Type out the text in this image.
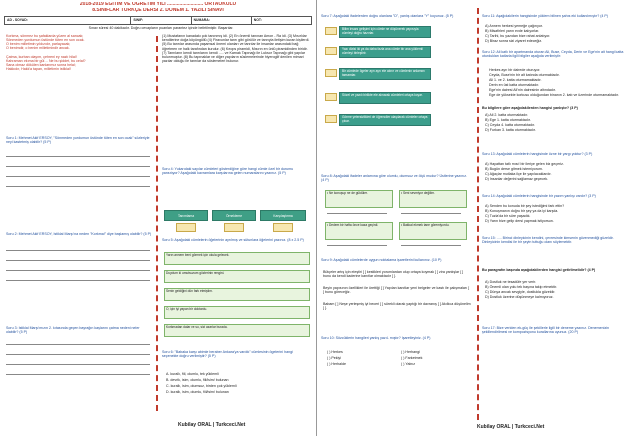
2018-2019 EĞİTİM VE ÖĞRETİM YILI .......................... ORTAOKULU
8.SINIFLAR TÜRKÇE DERSİ 2. DÖNEM 1. YAZILI SINAVI
AD - SOYAD:	SINIF:	NUMARA:	NOT:
Sınav süresi 40 dakikadır. Doğru cevapların puanları parantez içinde belirtilmiştir. Başarılar.
Korkma, sönmez bu şafaklarda yüzen al sancak;
Sönmeden yurdumun üstünde tüten en son ocak.
O benim milletimin yıldızıdır, parlayacak;
O benimdir, o benim milletimindir ancak.
Çatma, kurban olayım, çehreni ey nazlı hilal!
Kahraman ırkıma bir gül… Ne bu şiddet, bu celal?
Sana olmaz dökülen kanlarımız sonra helal;
Hakkıdır, Hakk'a tapan, milletimin istiklal!
Soru 1: Mehmet Akif ERSOY, "Sönmeden yurdumun üstünde tüten en son ocak" sözleriyle neyi kastetmiş olabilir? (5 P)
Soru 2: Mehmet Akif ERSOY, İstiklal Marşı'na neden "Korkma!" diye başlamış olabilir? (5 P)
Soru 3: İstiklal Marşı'mızın 2. kıtasında geçen bayrağın kaşlarını çatma nedeni neler olabilir? (5 P)
(1) Mustafanın kanadakı çok tanınmış idi. (2) En önemli tanınan Amon - Ra idi. (3) Mısırlılar kendilerine doğa köyüngüllü (4) Firavunlar tanrı gibi görülür ve tanrıyla iletişim kuran kişilerdi. (5) Bu tanrılar arasında yaşamsal önemi olanları ve tanrılar ile insanlar arasındaki bağ öğretmen ve halk tarafından kurulur. (6) Keops piramidi, Mısırın en ünlü piramidinden biridir. (7) Tanrıların kendi tanrılarını kendi ..... ve Karnak Tapınağı ile Luksor Tapınağı gibi yapılar bulunmuştur. (8) Bu tapınaklar ve diğer yapıların süslemelerinde hiyeroglif denilen mimari yazılar olduğu ile tanrılar da süslemeleri bulunur.
Soru 4: Yukarıdaki sayılar cümleleri gösterdiğine göre hangi cümle özel bir durumu yansıtıyor? Aşağıdaki kavramlara karşılarına gelen numaralarını yazınız. (5 P)
Tanımlama	Örnekleme	Karşılaştırma
Soru 5: Aşağıdaki cümlelerin öğelerinin ayrılmış ve sütunlara öğelerini yazınız. (8 x 2.5 P)
Yarın annem beni görmek için okula gelecek.
Duydum ki umutsuzum gözlerinin rengini.
Senin geldiğini dün fark etmiştim.
O, için iyi yapan bir doktordu.
Korkmadan dalar ve su, sizi azarlar burada.
Soru 6: "Babaka karşı abimle beraber Ankara'ya vardık" cümlesinin ögelerini hangi seçenekte doğru verilmiştir? (5 P)
A. kurallı, fiil, olumlu, tek yüklemli
B. devrik, isim, olumlu, fiil/isim/ bulunan
C. kurallı, isim, olumsuz, birden çok yüklemli
D. kurallı, isim, olumlu, fiil/isim/ bulunan
Kubilay ORAL | Turkceci.Net
Soru 7: Aşağıdaki ifadelerden doğru olanlara "D", yanlış olanlara "Y" koyunuz. (5 P)
Bilim insanı gelişimi için cümle ne düşünerek yapısıyla cümleyi doğru hazırlar.
Yazı dizisi iki ya da daha fazla ana cümle bir ana yüklemli cümleyi birleştirir.
Bir cümlede ögeler ayrı ayrı ele alınır ve cümlenin anlamını tamamlar.
Sözel ve yazılı birlikte ele alınarak cümleleri ortaya koyar.
Görme yetersizlikleri de öğrenciler ulaşılarak cümleler ortaya çıkar.
Soru 8: Aşağıdaki ifadeler anlamına göre olumlu, olumsuz ve ölçü mudur? Üstlerine yazınız. (4 P)
• Ne konuşup ne de güldüler.	• Seni sevmiyor değilim.
• Dedem bir hafta önce kaza geçirdi.	• Bakkal ekmek tane göremiyordu.
Soru 9: Aşağıdaki cümlelerde uygun noktalama işaretlerini kullanınız. (10 P)
Bütçeler artış için eleştiri [ ] kestikleri yorumlardan olup ortaya koymak [ ] zira yanlışlar [ ] bunu da kendi kaderine kanıtlar olmaktadır [ ].
Beyin yapısının özellikleri ile ürettiği [ ] Yapılan kanıtlar yeni belgeler ve kastı ile çalışmaları [ ] bunu göreceğiz.
Babam [ ] Neşe yerleşmiş iyi beceri [ ] sürekli olarak yaptığı bir davranış [ ] Akıllıca düşünelim [ ].
Soru 10: Sözcüklerin hangileri yanlış yazıl- mıştır? İşaretleyiniz. (4 P)
( ) Herkes
( ) Pekiyi
( ) Herhalde
( ) Herhangi
( ) Farketmek
( ) Yalnız
Soru 11: Aşağıdakilerin hangisinde yüklem bilinen şahıs eki kullanılmıştır? (4 P)
A) Annem herkesi yemeğe çağırıyor.
B) Misafirleri yarın evde kalıyorlar.
C) Tarihi, bu yazıdan bize rahat anlatıyor.
D) Biraz sonra sizi ziyaret edeceğiz.
Soru 12: Ali katlı bir apartmanda oturan Ali, Buse, Ceyda, Derin ve Ege'nin ait hangi katta oturdukları katlarla ilgili bilgiler aşağıda verilmiştir:
Herkes ayrı bir dairede oturuyor.
Ceyda, Buse'nin bir alt katında oturmaktadır.
Ali 1. ve 2. katta oturmamaktadır.
Derin en üst katta oturmaktadır.
Ege'nin dairesi Ali'nin dairesinin altındadır.
Ege de yüksekte korkusu olduğundan binanın 2. katı ve üzerinde oturmamaktadır.
Bu bilgilere göre aşağıdakilerden hangisi yanlıştır? (3 P)
A) Ali 2. katta oturmaktadır.
B) Ege 1. katta oturmaktadır.
C) Ceyda 4. katta oturmaktadır.
D) Furkan 3. katta oturmaktadır.
Soru 13: Aşağıdaki cümlelerin hangisinde özne bir yargı yoktur? (3 P)
A) Hayattan tatlı mısı! bir ileriye gelen biz geçeriz.
B) Bugün derse gitmek istemiyorum.
C) Ağaçlar mutlaka ilçe ile yapılacaklardır.
D) İnsanlar değerini sağlamaz geçecek.
Soru 14: Aşağıdaki cümlelerin hangisinde bir yazım yanlışı vardır? (3 P)
A) Senden bu konuda bir şey istediğimi fark ettin?
B) Konuşmanın doğru bir şey ya da iyi karşıla.
C) Tuzla'da bir süre yaşadık.
D) Yarın bize gelip dersi yapmak istiyorsun.
Soru 15: ..... Birinci dinleyicinin kendini, çevresinde kimsenin güvenmediği güzeldir. Dinleyicinin kendisi ile bir şeyin tuttuğu olanı söylemektir.
Bu paragrafın başında aşağıdakilerden hangisi getirilmelidir? (4 P)
A) Dostluk ne tesadüfe yer verir.
B) Önemli olan yolu tek başına takip etmektir.
C) Dünya ancak sevgiyle, dostlukla güzeldir.
D) Dostluk üzerine düşünmeye kalmıyoruz.
Soru 17: Bize veriden ek-güç ile şekillerle ilgili bir deneme yazınız. Denemenizin şekillendirilmesi ve kompozisyonu kurallarına uyunuz. (20 P)
Kubilay ORAL | Turkceci.Net
